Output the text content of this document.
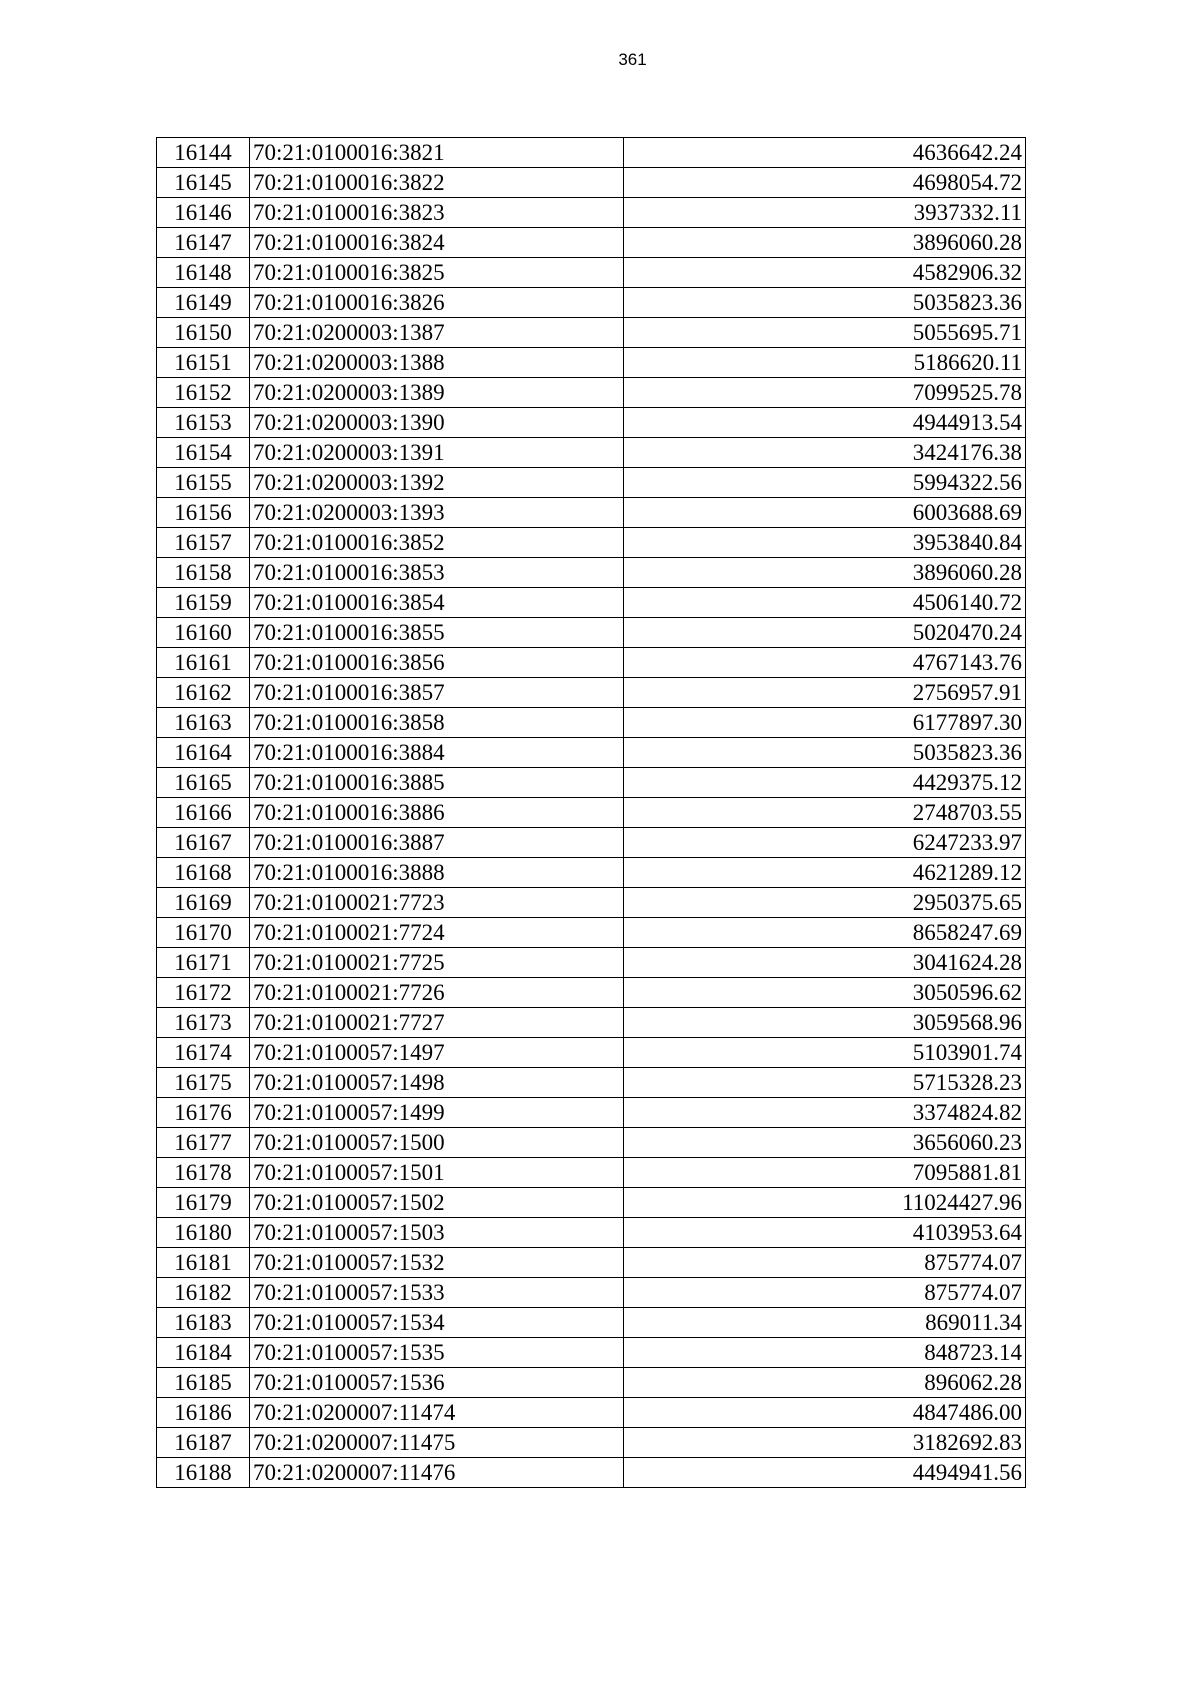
361
16144	70:21:0100016:3821	4636642.24
16145	70:21:0100016:3822	4698054.72
16146	70:21:0100016:3823	3937332.11
16147	70:21:0100016:3824	3896060.28
16148	70:21:0100016:3825	4582906.32
16149	70:21:0100016:3826	5035823.36
16150	70:21:0200003:1387	5055695.71
16151	70:21:0200003:1388	5186620.11
16152	70:21:0200003:1389	7099525.78
16153	70:21:0200003:1390	4944913.54
16154	70:21:0200003:1391	3424176.38
16155	70:21:0200003:1392	5994322.56
16156	70:21:0200003:1393	6003688.69
16157	70:21:0100016:3852	3953840.84
16158	70:21:0100016:3853	3896060.28
16159	70:21:0100016:3854	4506140.72
16160	70:21:0100016:3855	5020470.24
16161	70:21:0100016:3856	4767143.76
16162	70:21:0100016:3857	2756957.91
16163	70:21:0100016:3858	6177897.30
16164	70:21:0100016:3884	5035823.36
16165	70:21:0100016:3885	4429375.12
16166	70:21:0100016:3886	2748703.55
16167	70:21:0100016:3887	6247233.97
16168	70:21:0100016:3888	4621289.12
16169	70:21:0100021:7723	2950375.65
16170	70:21:0100021:7724	8658247.69
16171	70:21:0100021:7725	3041624.28
16172	70:21:0100021:7726	3050596.62
16173	70:21:0100021:7727	3059568.96
16174	70:21:0100057:1497	5103901.74
16175	70:21:0100057:1498	5715328.23
16176	70:21:0100057:1499	3374824.82
16177	70:21:0100057:1500	3656060.23
16178	70:21:0100057:1501	7095881.81
16179	70:21:0100057:1502	11024427.96
16180	70:21:0100057:1503	4103953.64
16181	70:21:0100057:1532	875774.07
16182	70:21:0100057:1533	875774.07
16183	70:21:0100057:1534	869011.34
16184	70:21:0100057:1535	848723.14
16185	70:21:0100057:1536	896062.28
16186	70:21:0200007:11474	4847486.00
16187	70:21:0200007:11475	3182692.83
16188	70:21:0200007:11476	4494941.56
